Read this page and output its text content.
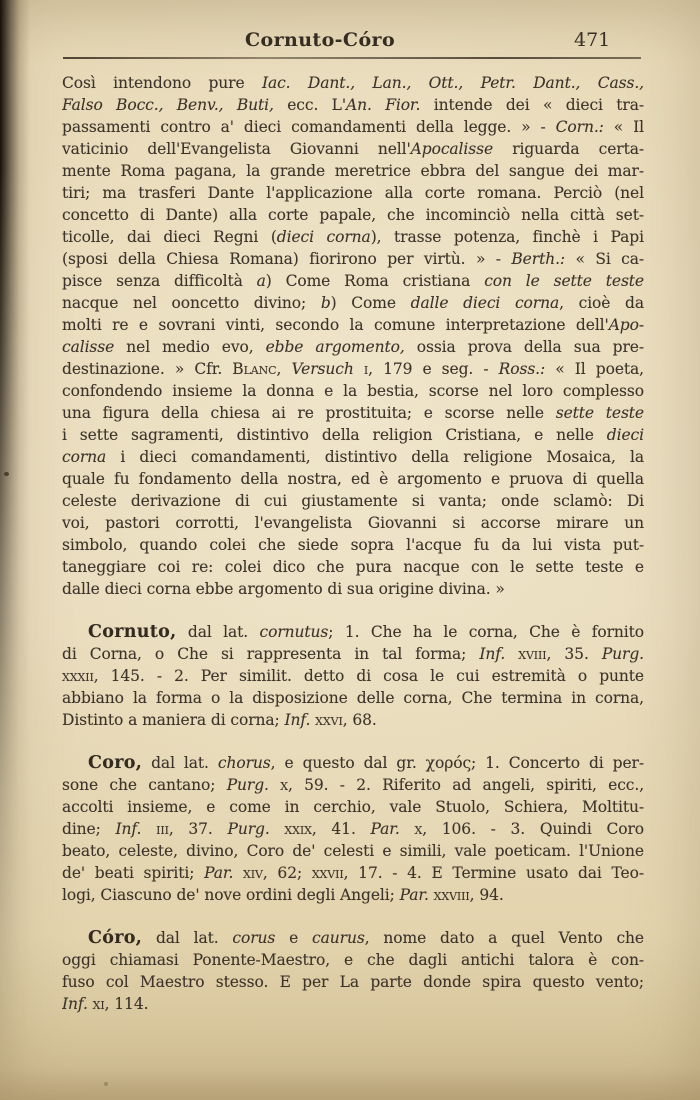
Cornuto-Córo	471
Così intendono pure Iac. Dant., Lan., Ott., Petr. Dant., Cass.,
Falso Bocc., Benv., Buti, ecc. L'An. Fior. intende dei « dieci tra-
passamenti contro a' dieci comandamenti della legge. » - Corn.: « Il
vaticinio dell'Evangelista Giovanni nell'Apocalisse riguarda certa-
mente Roma pagana, la grande meretrice ebbra del sangue dei mar-
tiri; ma trasferi Dante l'applicazione alla corte romana. Perciò (nel
concetto di Dante) alla corte papale, che incominciò nella città set-
ticolle, dai dieci Regni (dieci corna), trasse potenza, finchè i Papi
(sposi della Chiesa Romana) fiorirono per virtù. » - Berth.: « Si ca-
pisce senza difficoltà a) Come Roma cristiana con le sette teste
nacque nel ooncetto divino; b) Come dalle dieci corna, cioè da
molti re e sovrani vinti, secondo la comune interpretazione dell'Apo-
calisse nel medio evo, ebbe argomento, ossia prova della sua pre-
destinazione. » Cfr. Blanc, Versuch i, 179 e seg. - Ross.: « Il poeta,
confondendo insieme la donna e la bestia, scorse nel loro complesso
una figura della chiesa ai re prostituita; e scorse nelle sette teste
i sette sagramenti, distintivo della religion Cristiana, e nelle dieci
corna i dieci comandamenti, distintivo della religione Mosaica, la
quale fu fondamento della nostra, ed è argomento e pruova di quella
celeste derivazione di cui giustamente si vanta; onde sclamò: Di
voi, pastori corrotti, l'evangelista Giovanni si accorse mirare un
simbolo, quando colei che siede sopra l'acque fu da lui vista put-
taneggiare coi re: colei dico che pura nacque con le sette teste e
dalle dieci corna ebbe argomento di sua origine divina. »
Cornuto, dal lat. cornutus; 1. Che ha le corna, Che è fornito
di Corna, o Che si rappresenta in tal forma; Inf. xviii, 35. Purg.
xxxii, 145. - 2. Per similit. detto di cosa le cui estremità o punte
abbiano la forma o la disposizione delle corna, Che termina in corna,
Distinto a maniera di corna; Inf. xxvi, 68.
Coro, dal lat. chorus, e questo dal gr. χορός; 1. Concerto di per-
sone che cantano; Purg. x, 59. - 2. Riferito ad angeli, spiriti, ecc.,
accolti insieme, e come in cerchio, vale Stuolo, Schiera, Moltitu-
dine; Inf. iii, 37. Purg. xxix, 41. Par. x, 106. - 3. Quindi Coro
beato, celeste, divino, Coro de' celesti e simili, vale poeticam. l'Unione
de' beati spiriti; Par. xiv, 62; xxvii, 17. - 4. E Termine usato dai Teo-
logi, Ciascuno de' nove ordini degli Angeli; Par. xxviii, 94.
Córo, dal lat. corus e caurus, nome dato a quel Vento che
oggi chiamasi Ponente-Maestro, e che dagli antichi talora è con-
fuso col Maestro stesso. E per La parte donde spira questo vento;
Inf. xi, 114.
